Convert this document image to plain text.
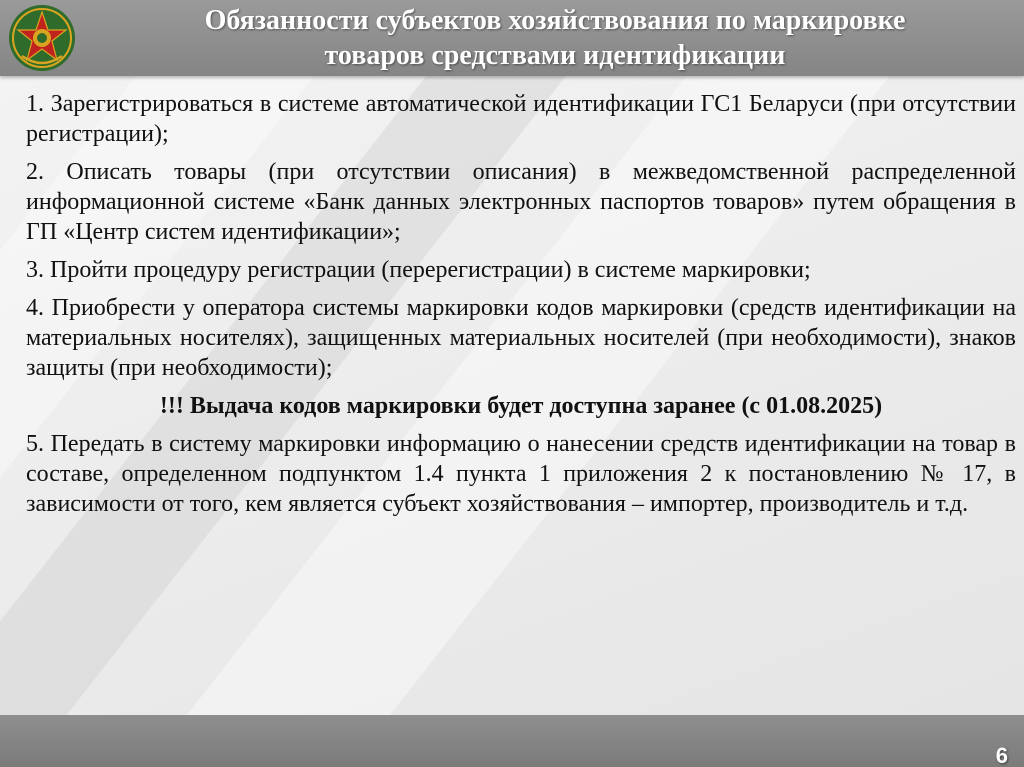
Обязанности субъектов хозяйствования по маркировке
товаров средствами идентификации

1. Зарегистрироваться в системе автоматической идентификации ГС1 Беларуси (при отсутствии регистрации);

2. Описать товары (при отсутствии описания) в межведомственной распределенной информационной системе «Банк данных электронных паспортов товаров» путем обращения в ГП «Центр систем идентификации»;

3. Пройти процедуру регистрации (перерегистрации) в системе маркировки;

4. Приобрести у оператора системы маркировки кодов маркировки (средств идентификации на материальных носителях), защищенных материальных носителей (при необходимости), знаков защиты (при необходимости);

!!! Выдача кодов маркировки будет доступна заранее (с 01.08.2025)

5. Передать в систему маркировки информацию о нанесении средств идентификации на товар в составе, определенном подпунктом 1.4 пункта 1 приложения 2 к постановлению № 17, в зависимости от того, кем является субъект хозяйствования – импортер, производитель и т.д.

6
